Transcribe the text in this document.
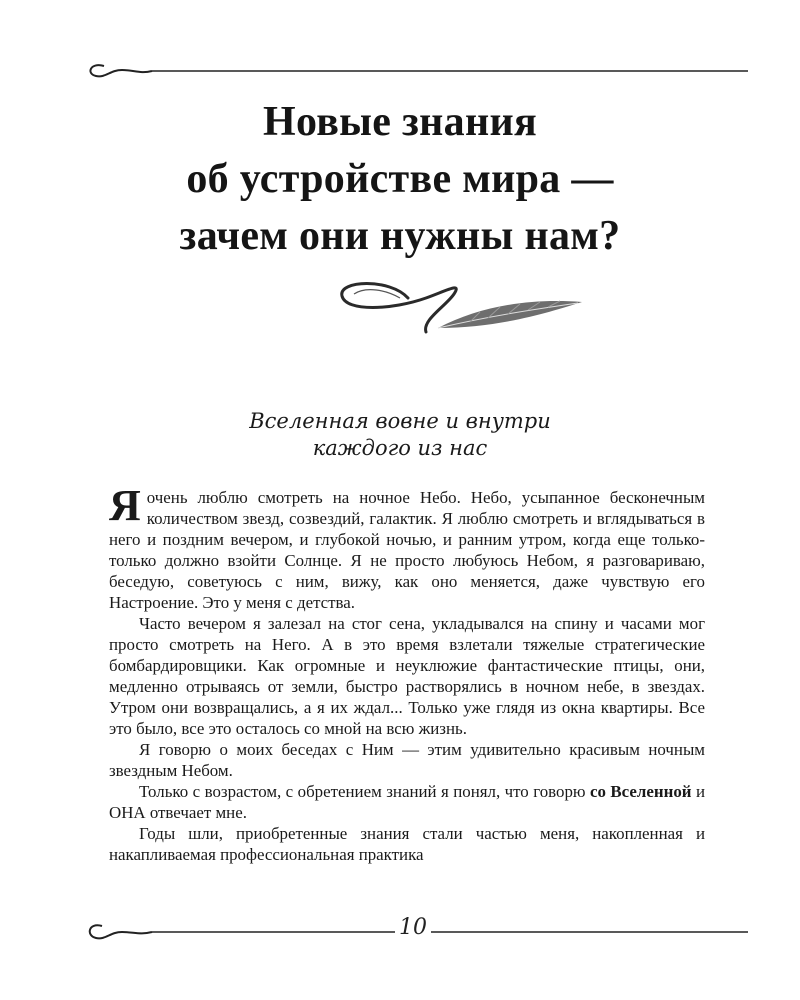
Новые знания
об устройстве мира —
зачем они нужны нам?
Вселенная вовне и внутри
каждого из нас

Я очень люблю смотреть на ночное Небо. Небо, усыпанное бесконечным количеством звезд, созвездий, галактик. Я люблю смотреть и вглядываться в него и поздним вечером, и глубокой ночью, и ранним утром, когда еще только-только должно взойти Солнце. Я не просто любуюсь Небом, я разговариваю, беседую, советуюсь с ним, вижу, как оно меняется, даже чувствую его Настроение. Это у меня с детства.

Часто вечером я залезал на стог сена, укладывался на спину и часами мог просто смотреть на Него. А в это время взлетали тяжелые стратегические бомбардировщики. Как огромные и неуклюжие фантастические птицы, они, медленно отрываясь от земли, быстро растворялись в ночном небе, в звездах. Утром они возвращались, а я их ждал... Только уже глядя из окна квартиры. Все это было, все это осталось со мной на всю жизнь.

Я говорю о моих беседах с Ним — этим удивительно красивым ночным звездным Небом.

Только с возрастом, с обретением знаний я понял, что говорю со Вселенной и ОНА отвечает мне.

Годы шли, приобретенные знания стали частью меня, накопленная и накапливаемая профессиональная практика

10
